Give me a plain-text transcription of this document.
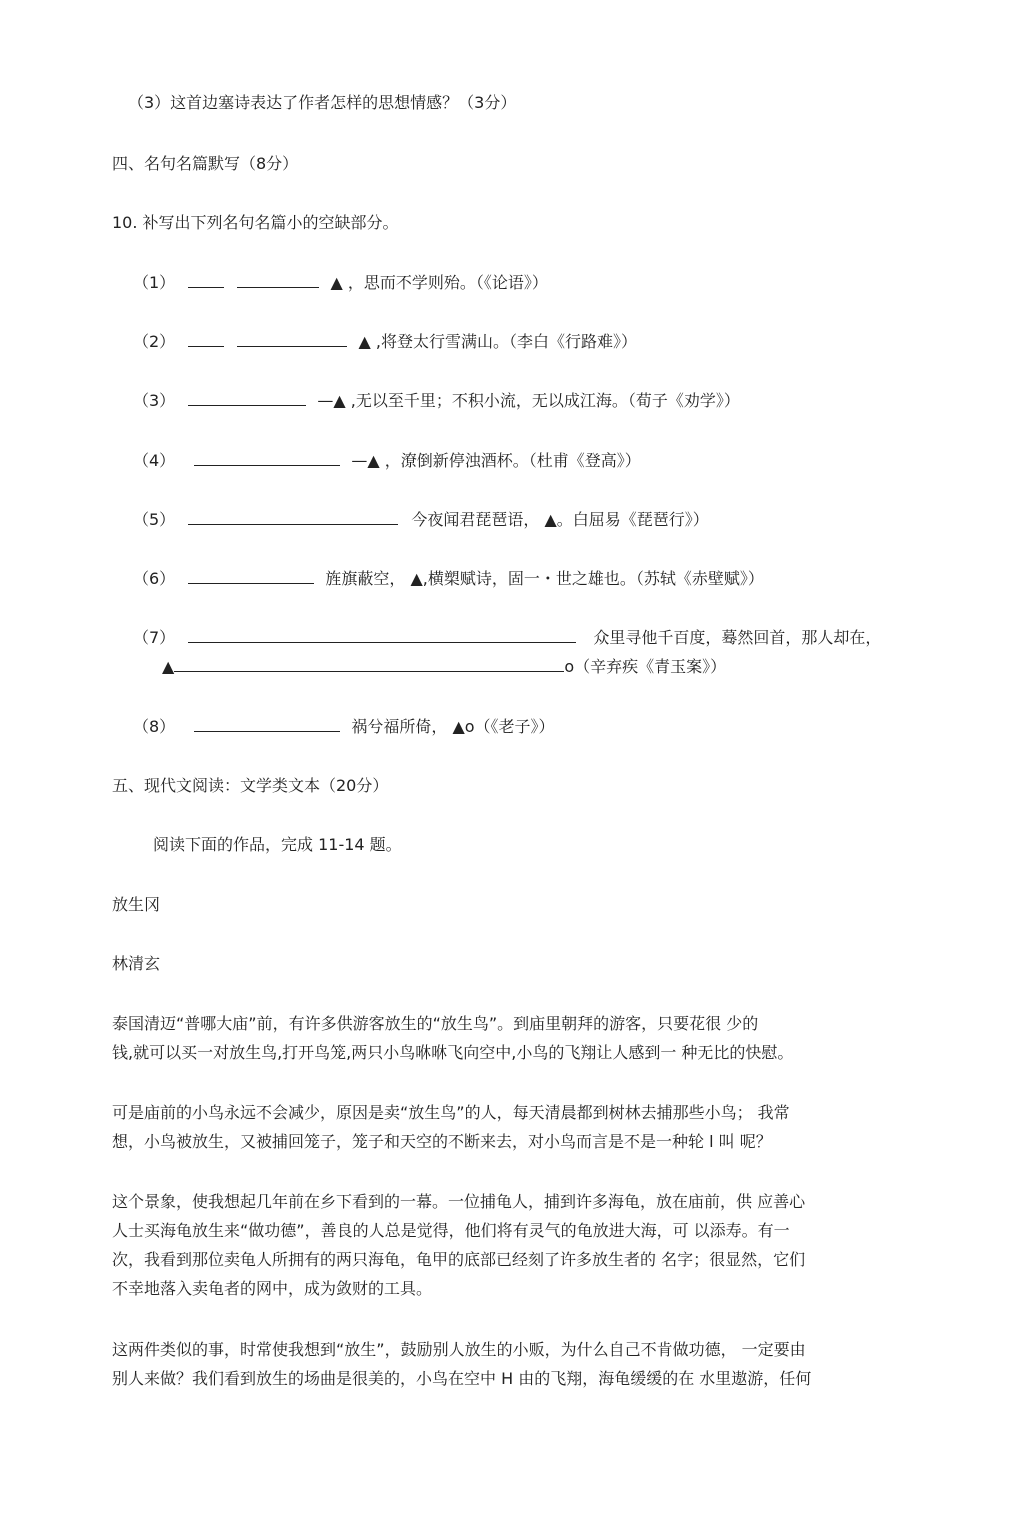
（3）这首边塞诗表达了作者怎样的思想情感？（3分）
四、名句名篇默写（8分）
10. 补写出下列名句名篇小的空缺部分。
（1）	▲ ，思而不学则殆。（《论语》）
（2）	▲ ,将登太行雪满山。（李白《行路难》）
（3）	—▲ ,无以至千里；不积小流，无以成江海。（荀子《劝学》）
（4）	—▲ ，潦倒新停浊酒杯。（杜甫《登高》）
（5）	今夜闻君琵琶语， ▲。白屈易《琵琶行》）
（6）	旌旗蔽空， ▲,横槊赋诗，固一・世之雄也。（苏轼《赤壁赋》）
（7）	众里寻他千百度，蓦然回首，那人却在，
▲	o（辛弃疾《青玉案》）
（8）	祸兮福所倚， ▲o（《老子》）
五、现代文阅读：文学类文本（20分）
阅读下面的作品，完成 11-14 题。
放生冈
林清玄
泰国清迈“普哪大庙”前，有许多供游客放生的“放生鸟”。到庙里朝拜的游客，只要花很 少的
钱,就可以买一对放生鸟,打开鸟笼,两只小鸟咻咻飞向空中,小鸟的飞翔让人感到一 种无比的快慰。
可是庙前的小鸟永远不会减少，原因是卖“放生鸟”的人，每天清晨都到树林去捕那些小鸟； 我常
想，小鸟被放生，又被捕回笼子，笼子和天空的不断来去，对小鸟而言是不是一种轮 l 叫 呢？
这个景象，使我想起几年前在乡下看到的一幕。一位捕龟人，捕到许多海龟，放在庙前，供 应善心
人士买海龟放生来“做功德”，善良的人总是觉得，他们将有灵气的龟放进大海，可 以添寿。有一
次，我看到那位卖龟人所拥有的两只海龟，龟甲的底部已经刻了许多放生者的 名字；很显然，它们
不幸地落入卖龟者的网中，成为敛财的工具。
这两件类似的事，时常使我想到“放生”，鼓励别人放生的小贩，为什么自己不肯做功德， 一定要由
别人来做？我们看到放生的场曲是很美的，小鸟在空中 H 由的飞翔，海龟缓缓的在 水里遨游，任何
